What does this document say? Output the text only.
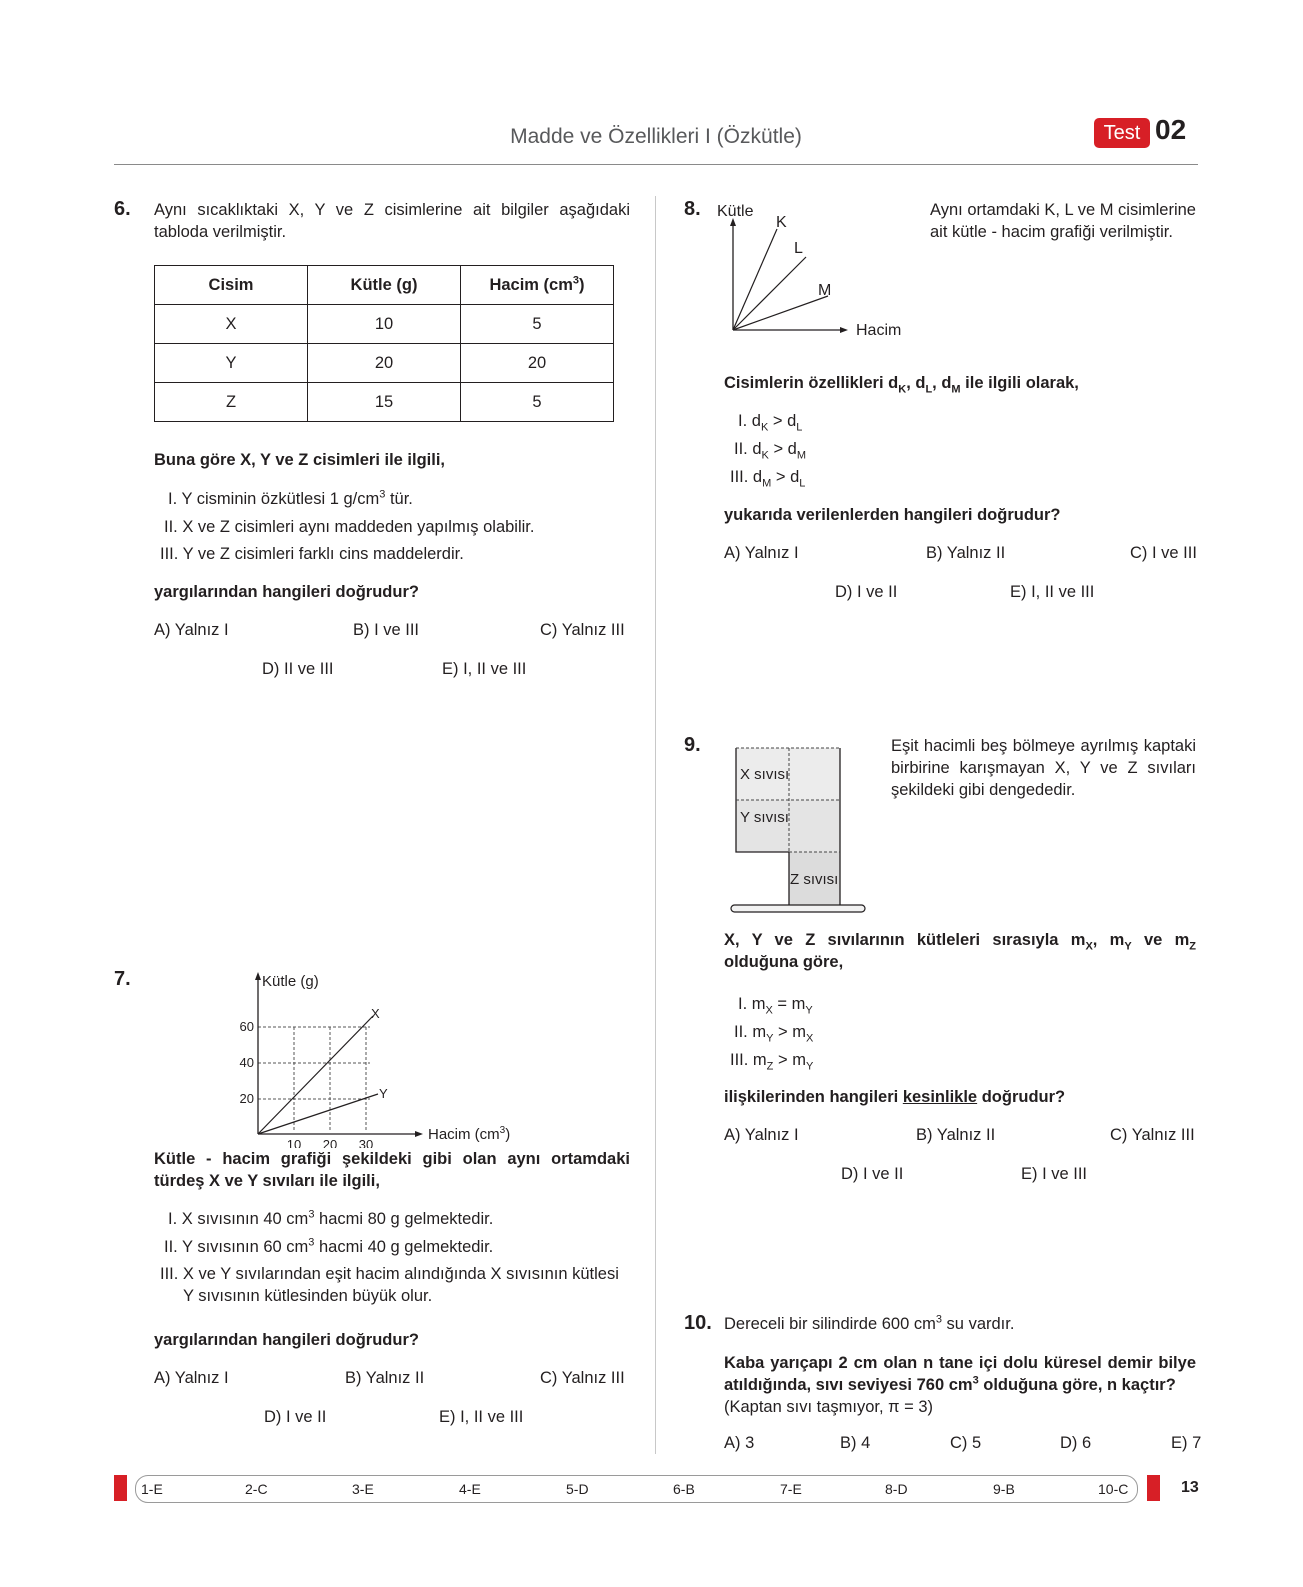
Madde ve Özellikleri I (Özkütle)	Test 02
6. Aynı sıcaklıktaki X, Y ve Z cisimlerine ait bilgiler aşağıdaki tabloda verilmiştir.
Cisim	Kütle (g)	Hacim $(cm^3)$
X	10	5
Y	20	20
Z	15	5
Buna göre X, Y ve Z cisimleri ile ilgili,
I. Y cisminin özkütlesi 1 $g/cm^3$ tür.
II. X ve Z cisimleri aynı maddeden yapılmış olabilir.
III. Y ve Z cisimleri farklı cins maddelerdir.
yargılarından hangileri doğrudur?
A) Yalnız I	B) I ve III	C) Yalnız III
D) II ve III	E) I, II ve III
7.	Kütle (g)
60
40
20
10 20 30
X
Y
Hacim $(cm^3)$
Kütle - hacim grafiği şekildeki gibi olan aynı ortamdaki türdeş X ve Y sıvıları ile ilgili,
I. X sıvısının 40 $cm^3$ hacmi 80 g gelmektedir.
II. Y sıvısının 60 $cm^3$ hacmi 40 g gelmektedir.
III. X ve Y sıvılarından eşit hacim alındığında X sıvısının kütlesi Y sıvısının kütlesinden büyük olur.
yargılarından hangileri doğrudur?
A) Yalnız I	B) Yalnız II	C) Yalnız III
D) I ve II	E) I, II ve III
8. Kütle
K
L
M
Hacim
Aynı ortamdaki K, L ve M cisimlerine ait kütle - hacim grafiği verilmiştir.
Cisimlerin özellikleri $d_K$, $d_L$, $d_M$ ile ilgili olarak,
I. $d_K > d_L$
II. $d_K > d_M$
III. $d_M > d_L$
yukarıda verilenlerden hangileri doğrudur?
A) Yalnız I	B) Yalnız II	C) I ve III
D) I ve II	E) I, II ve III
9.
X sıvısı
Y sıvısı
Z sıvısı
Eşit hacimli beş bölmeye ayrılmış kaptaki birbirine karışmayan X, Y ve Z sıvıları şekildeki gibi dengededir.
X, Y ve Z sıvılarının kütleleri sırasıyla $m_X$, $m_Y$ ve $m_Z$ olduğuna göre,
I. $m_X = m_Y$
II. $m_Y > m_X$
III. $m_Z > m_Y$
ilişkilerinden hangileri kesinlikle doğrudur?
A) Yalnız I	B) Yalnız II	C) Yalnız III
D) I ve II	E) I ve III
10. Dereceli bir silindirde 600 $cm^3$ su vardır.
Kaba yarıçapı 2 cm olan n tane içi dolu küresel demir bilye atıldığında, sıvı seviyesi 760 $cm^3$ olduğuna göre, n kaçtır?
(Kaptan sıvı taşmıyor, π = 3)
A) 3	B) 4	C) 5	D) 6	E) 7
1-E	2-C	3-E	4-E	5-D	6-B	7-E	8-D	9-B	10-C	13
